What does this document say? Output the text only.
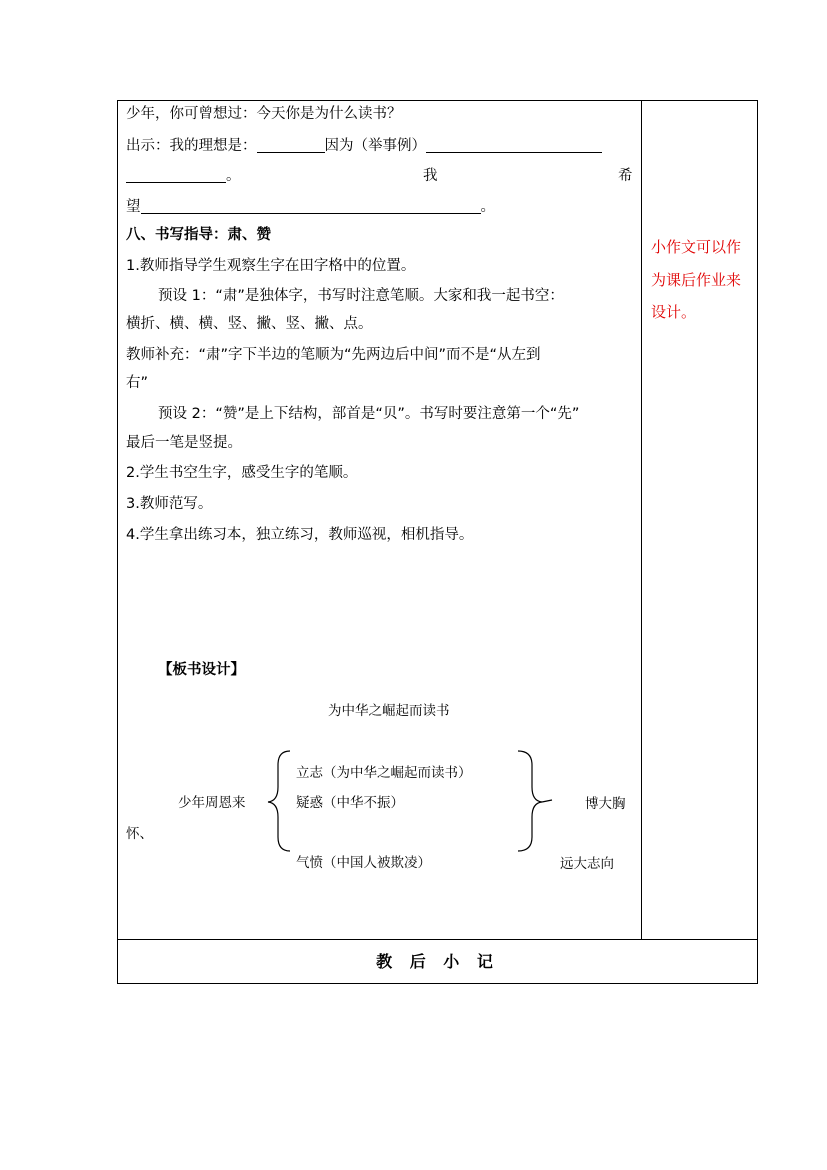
少年，你可曾想过：今天你是为什么读书？
出示：我的理想是：	因为（举事例）
。	我	希
望	。
八、书写指导：肃、赞
1.教师指导学生观察生字在田字格中的位置。
预设 1：“肃”是独体字，书写时注意笔顺。大家和我一起书空：
横折、横、横、竖、撇、竖、撇、点。
教师补充：“肃”字下半边的笔顺为“先两边后中间”而不是“从左到
右”
预设 2：“赞”是上下结构，部首是“贝”。书写时要注意第一个“先”
最后一笔是竖提。
2.学生书空生字，感受生字的笔顺。
3.教师范写。
4.学生拿出练习本，独立练习，教师巡视，相机指导。
【板书设计】
为中华之崛起而读书
少年周恩来
立志（为中华之崛起而读书）
疑惑（中华不振）
气愤（中国人被欺凌）
博大胸
怀、
远大志向
小作文可以作
为课后作业来
设计。
教 后 小 记
